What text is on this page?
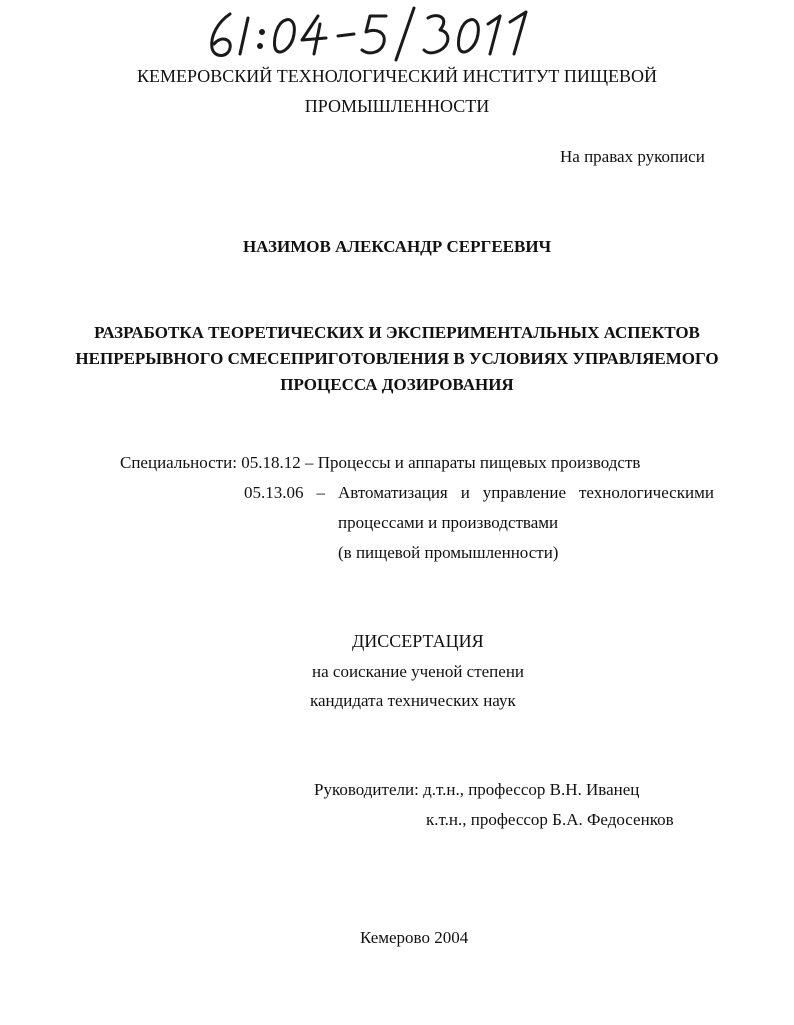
КЕМЕРОВСКИЙ ТЕХНОЛОГИЧЕСКИЙ ИНСТИТУТ ПИЩЕВОЙ
ПРОМЫШЛЕННОСТИ
На правах рукописи
НАЗИМОВ АЛЕКСАНДР СЕРГЕЕВИЧ
РАЗРАБОТКА ТЕОРЕТИЧЕСКИХ И ЭКСПЕРИМЕНТАЛЬНЫХ АСПЕКТОВ
НЕПРЕРЫВНОГО СМЕСЕПРИГОТОВЛЕНИЯ В УСЛОВИЯХ УПРАВЛЯЕМОГО
ПРОЦЕССА ДОЗИРОВАНИЯ
Специальности: 05.18.12 – Процессы и аппараты пищевых производств
05.13.06 – Автоматизация и управление технологическими
процессами и производствами
(в пищевой промышленности)
ДИССЕРТАЦИЯ
на соискание ученой степени
кандидата технических наук
Руководители: д.т.н., профессор В.Н. Иванец
к.т.н., профессор Б.А. Федосенков
Кемерово 2004
